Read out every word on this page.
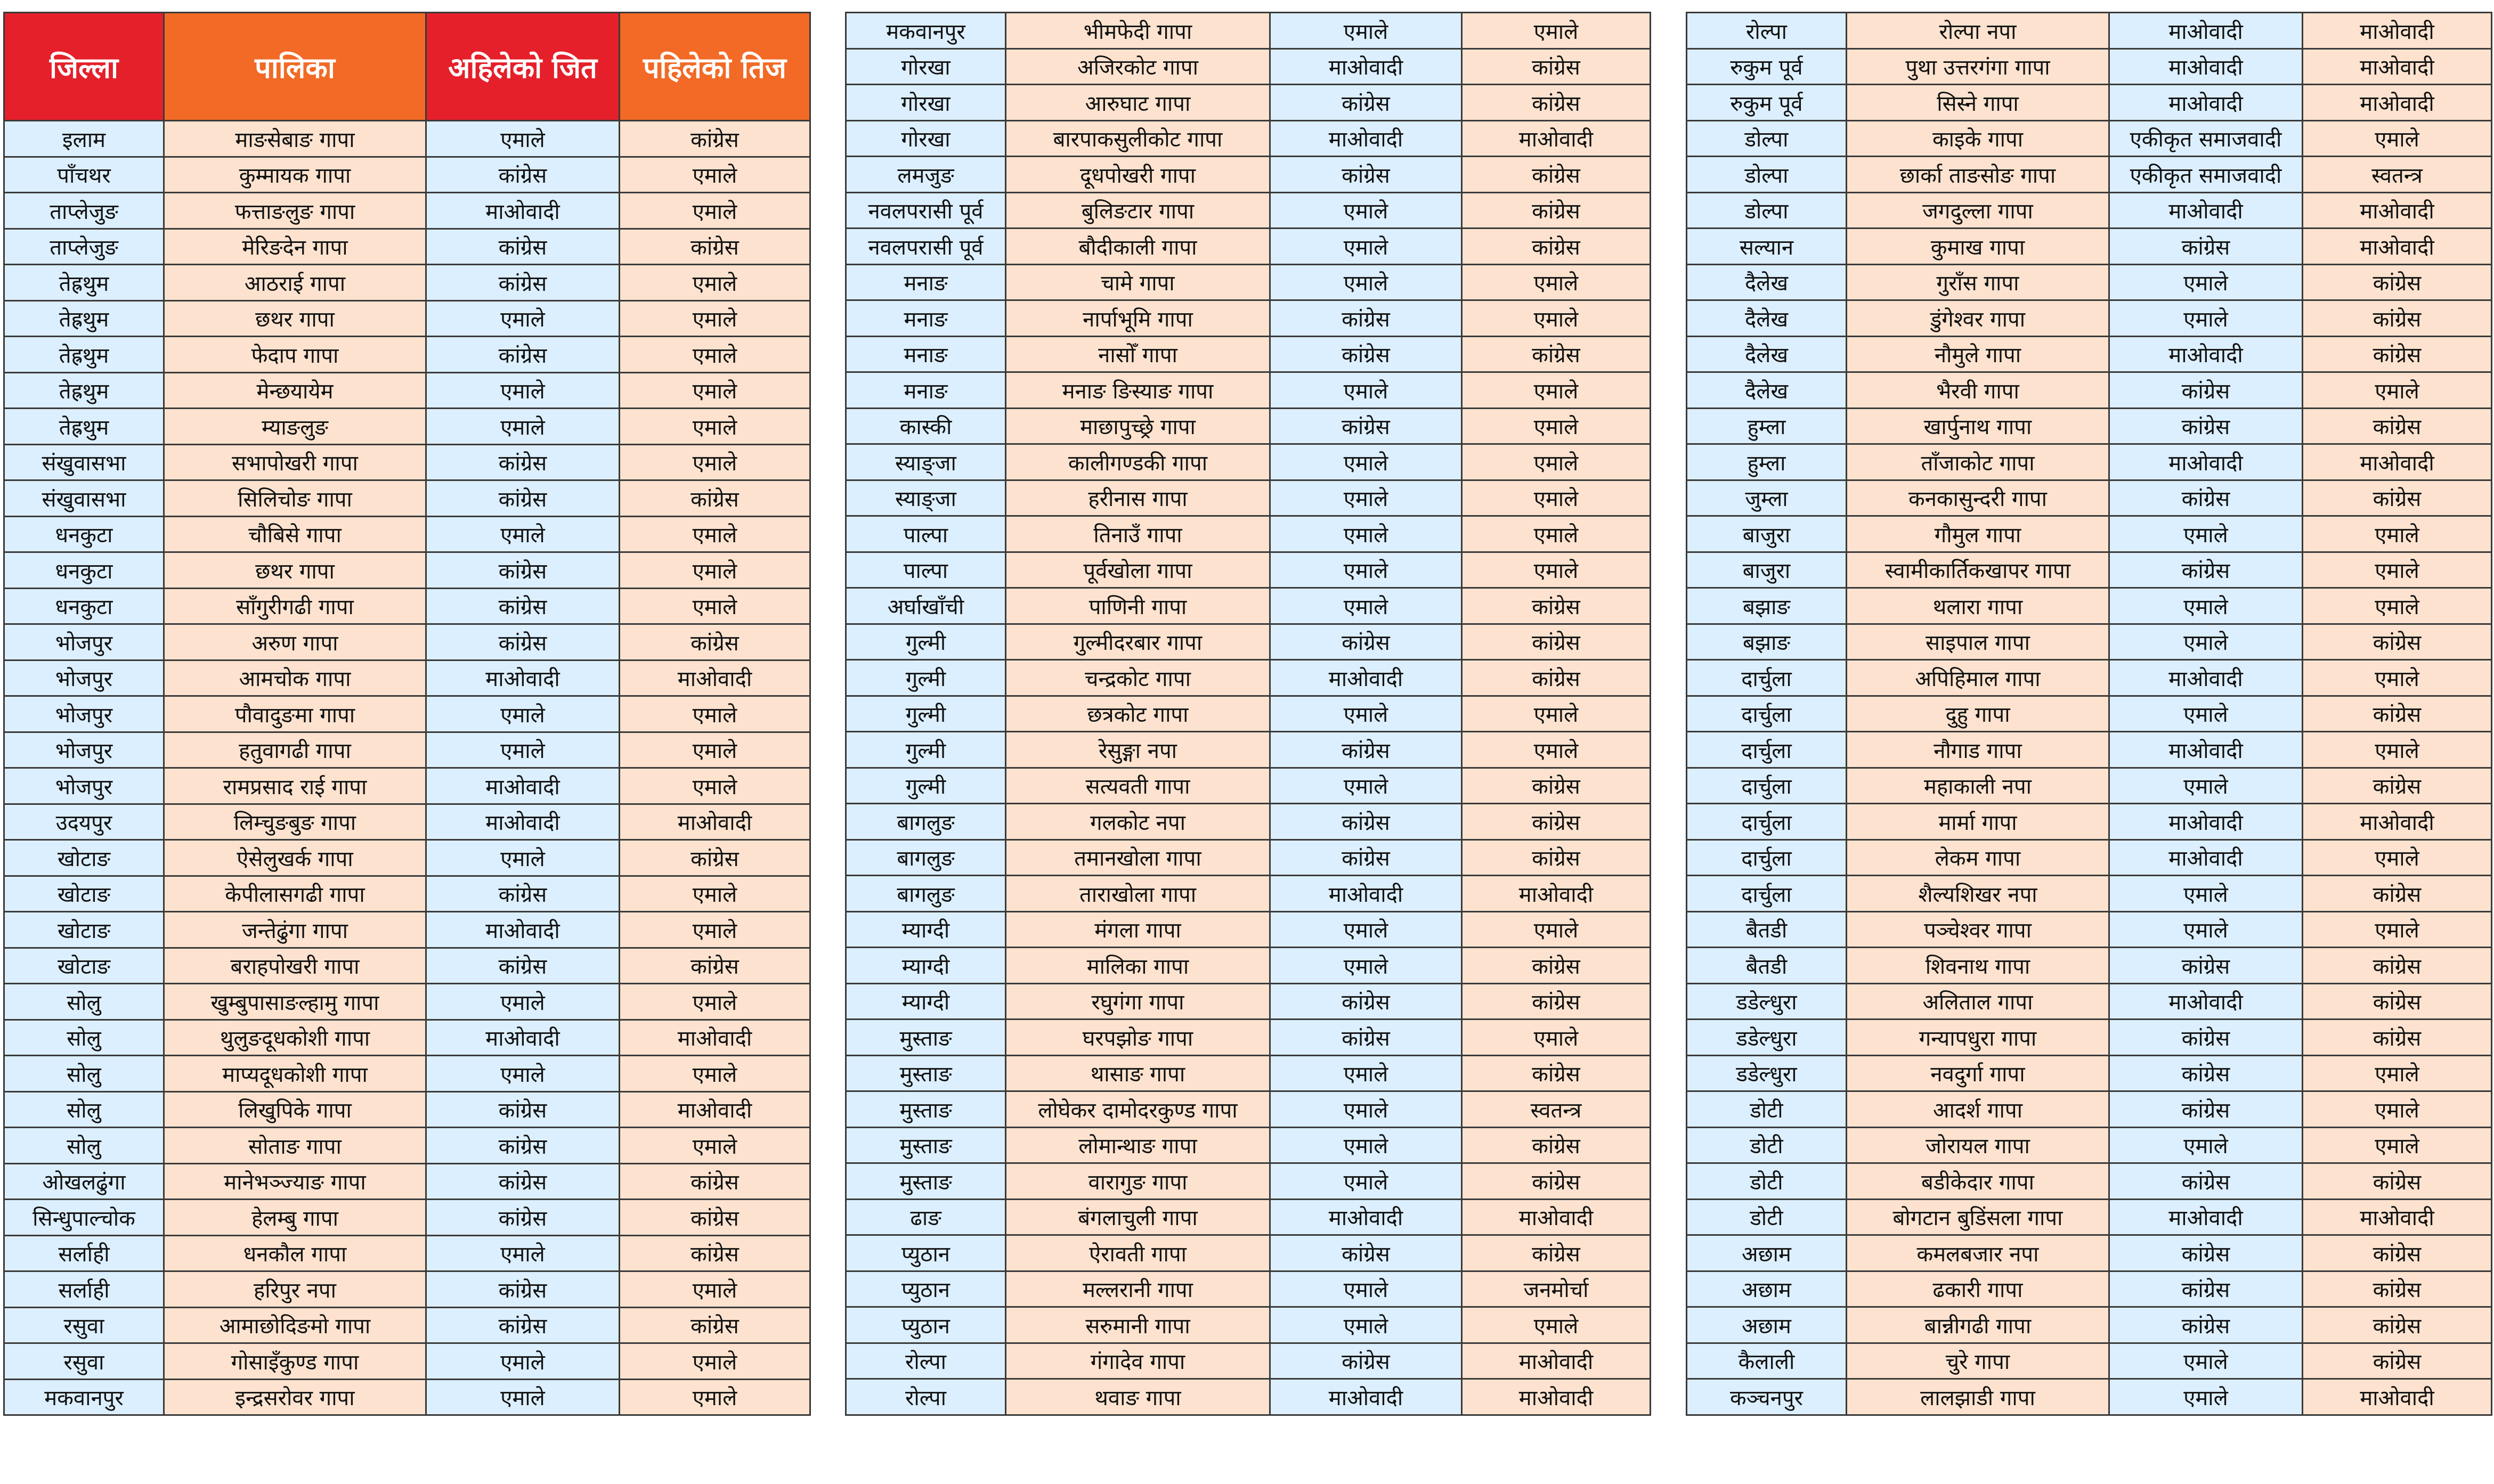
जिल्ला	पालिका	अहिलेको जित	पहिलेको तिज
इलाम	माङसेबाङ गापा	एमाले	कांग्रेस
पाँचथर	कुम्मायक गापा	कांग्रेस	एमाले
ताप्लेजुङ	फत्ताङलुङ गापा	माओवादी	एमाले
ताप्लेजुङ	मेरिङदेन गापा	कांग्रेस	कांग्रेस
तेह्रथुम	आठराई गापा	कांग्रेस	एमाले
तेह्रथुम	छथर गापा	एमाले	एमाले
तेह्रथुम	फेदाप गापा	कांग्रेस	एमाले
तेह्रथुम	मेन्छयायेम	एमाले	एमाले
तेह्रथुम	म्याङलुङ	एमाले	एमाले
संखुवासभा	सभापोखरी गापा	कांग्रेस	एमाले
संखुवासभा	सिलिचोङ गापा	कांग्रेस	कांग्रेस
धनकुटा	चौबिसे गापा	एमाले	एमाले
धनकुटा	छथर गापा	कांग्रेस	एमाले
धनकुटा	साँगुरीगढी गापा	कांग्रेस	एमाले
भोजपुर	अरुण गापा	कांग्रेस	कांग्रेस
भोजपुर	आमचोक गापा	माओवादी	माओवादी
भोजपुर	पौवादुङमा गापा	एमाले	एमाले
भोजपुर	हतुवागढी गापा	एमाले	एमाले
भोजपुर	रामप्रसाद राई गापा	माओवादी	एमाले
उदयपुर	लिम्चुङबुङ गापा	माओवादी	माओवादी
खोटाङ	ऐसेलुखर्क गापा	एमाले	कांग्रेस
खोटाङ	केपीलासगढी गापा	कांग्रेस	एमाले
खोटाङ	जन्तेढुंगा गापा	माओवादी	एमाले
खोटाङ	बराहपोखरी गापा	कांग्रेस	कांग्रेस
सोलु	खुम्बुपासाङल्हामु गापा	एमाले	एमाले
सोलु	थुलुङदूधकोशी गापा	माओवादी	माओवादी
सोलु	माप्यदूधकोशी गापा	एमाले	एमाले
सोलु	लिखुपिके गापा	कांग्रेस	माओवादी
सोलु	सोताङ गापा	कांग्रेस	एमाले
ओखलढुंगा	मानेभञ्ज्याङ गापा	कांग्रेस	कांग्रेस
सिन्धुपाल्चोक	हेलम्बु गापा	कांग्रेस	कांग्रेस
सर्लाही	धनकौल गापा	एमाले	कांग्रेस
सर्लाही	हरिपुर नपा	कांग्रेस	एमाले
रसुवा	आमाछोदिङमो गापा	कांग्रेस	कांग्रेस
रसुवा	गोसाइँकुण्ड गापा	एमाले	एमाले
मकवानपुर	इन्द्रसरोवर गापा	एमाले	एमाले
मकवानपुर	भीमफेदी गापा	एमाले	एमाले
गोरखा	अजिरकोट गापा	माओवादी	कांग्रेस
गोरखा	आरुघाट गापा	कांग्रेस	कांग्रेस
गोरखा	बारपाकसुलीकोट गापा	माओवादी	माओवादी
लमजुङ	दूधपोखरी गापा	कांग्रेस	कांग्रेस
नवलपरासी पूर्व	बुलिङटार गापा	एमाले	कांग्रेस
नवलपरासी पूर्व	बौदीकाली गापा	एमाले	कांग्रेस
मनाङ	चामे गापा	एमाले	एमाले
मनाङ	नार्पाभूमि गापा	कांग्रेस	एमाले
मनाङ	नासोँ गापा	कांग्रेस	कांग्रेस
मनाङ	मनाङ ङिस्याङ गापा	एमाले	एमाले
कास्की	माछापुच्छ्रे गापा	कांग्रेस	एमाले
स्याङ्जा	कालीगण्डकी गापा	एमाले	एमाले
स्याङ्जा	हरीनास गापा	एमाले	एमाले
पाल्पा	तिनाउँ गापा	एमाले	एमाले
पाल्पा	पूर्वखोला गापा	एमाले	एमाले
अर्घाखाँची	पाणिनी गापा	एमाले	कांग्रेस
गुल्मी	गुल्मीदरबार गापा	कांग्रेस	कांग्रेस
गुल्मी	चन्द्रकोट गापा	माओवादी	कांग्रेस
गुल्मी	छत्रकोट गापा	एमाले	एमाले
गुल्मी	रेसुङ्गा नपा	कांग्रेस	एमाले
गुल्मी	सत्यवती गापा	एमाले	कांग्रेस
बागलुङ	गलकोट नपा	कांग्रेस	कांग्रेस
बागलुङ	तमानखोला गापा	कांग्रेस	कांग्रेस
बागलुङ	ताराखोला गापा	माओवादी	माओवादी
म्याग्दी	मंगला गापा	एमाले	एमाले
म्याग्दी	मालिका गापा	एमाले	कांग्रेस
म्याग्दी	रघुगंगा गापा	कांग्रेस	कांग्रेस
मुस्ताङ	घरपझोङ गापा	कांग्रेस	एमाले
मुस्ताङ	थासाङ गापा	एमाले	कांग्रेस
मुस्ताङ	लोघेकर दामोदरकुण्ड गापा	एमाले	स्वतन्त्र
मुस्ताङ	लोमान्थाङ गापा	एमाले	कांग्रेस
मुस्ताङ	वारागुङ गापा	एमाले	कांग्रेस
ढाङ	बंगलाचुली गापा	माओवादी	माओवादी
प्युठान	ऐरावती गापा	कांग्रेस	कांग्रेस
प्युठान	मल्लरानी गापा	एमाले	जनमोर्चा
प्युठान	सरुमानी गापा	एमाले	एमाले
रोल्पा	गंगादेव गापा	कांग्रेस	माओवादी
रोल्पा	थवाङ गापा	माओवादी	माओवादी
रोल्पा	रोल्पा नपा	माओवादी	माओवादी
रुकुम पूर्व	पुथा उत्तरगंगा गापा	माओवादी	माओवादी
रुकुम पूर्व	सिस्ने गापा	माओवादी	माओवादी
डोल्पा	काइके गापा	एकीकृत समाजवादी	एमाले
डोल्पा	छार्का ताङसोङ गापा	एकीकृत समाजवादी	स्वतन्त्र
डोल्पा	जगदुल्ला गापा	माओवादी	माओवादी
सल्यान	कुमाख गापा	कांग्रेस	माओवादी
दैलेख	गुराँस गापा	एमाले	कांग्रेस
दैलेख	डुंगेश्वर गापा	एमाले	कांग्रेस
दैलेख	नौमुले गापा	माओवादी	कांग्रेस
दैलेख	भैरवी गापा	कांग्रेस	एमाले
हुम्ला	खार्पुनाथ गापा	कांग्रेस	कांग्रेस
हुम्ला	ताँजाकोट गापा	माओवादी	माओवादी
जुम्ला	कनकासुन्दरी गापा	कांग्रेस	कांग्रेस
बाजुरा	गौमुल गापा	एमाले	एमाले
बाजुरा	स्वामीकार्तिकखापर गापा	कांग्रेस	एमाले
बझाङ	थलारा गापा	एमाले	एमाले
बझाङ	साइपाल गापा	एमाले	कांग्रेस
दार्चुला	अपिहिमाल गापा	माओवादी	एमाले
दार्चुला	दुहु गापा	एमाले	कांग्रेस
दार्चुला	नौगाड गापा	माओवादी	एमाले
दार्चुला	महाकाली नपा	एमाले	कांग्रेस
दार्चुला	मार्मा गापा	माओवादी	माओवादी
दार्चुला	लेकम गापा	माओवादी	एमाले
दार्चुला	शैल्यशिखर नपा	एमाले	कांग्रेस
बैतडी	पञ्चेश्वर गापा	एमाले	एमाले
बैतडी	शिवनाथ गापा	कांग्रेस	कांग्रेस
डडेल्धुरा	अलिताल गापा	माओवादी	कांग्रेस
डडेल्धुरा	गन्यापधुरा गापा	कांग्रेस	कांग्रेस
डडेल्धुरा	नवदुर्गा गापा	कांग्रेस	एमाले
डोटी	आदर्श गापा	कांग्रेस	एमाले
डोटी	जोरायल गापा	एमाले	एमाले
डोटी	बडीकेदार गापा	कांग्रेस	कांग्रेस
डोटी	बोगटान बुडिंसला गापा	माओवादी	माओवादी
अछाम	कमलबजार नपा	कांग्रेस	कांग्रेस
अछाम	ढकारी गापा	कांग्रेस	कांग्रेस
अछाम	बान्नीगढी गापा	कांग्रेस	कांग्रेस
कैलाली	चुरे गापा	एमाले	कांग्रेस
कञ्चनपुर	लालझाडी गापा	एमाले	माओवादी
